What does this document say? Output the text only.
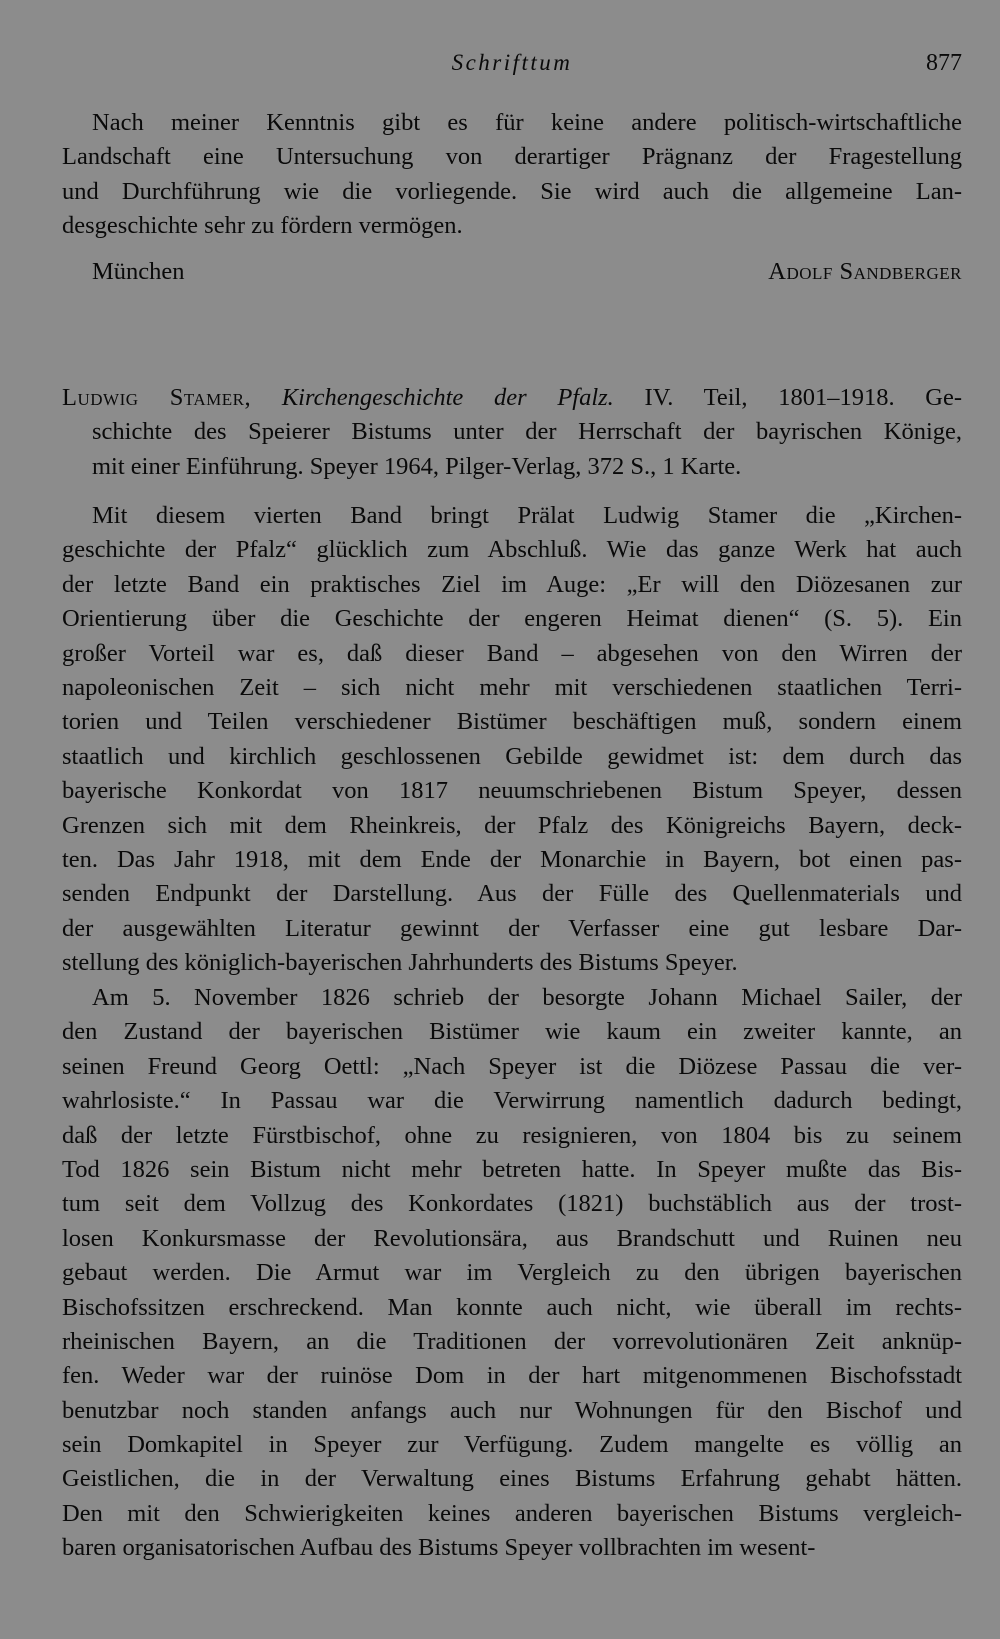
Schrifttum	877
Nach meiner Kenntnis gibt es für keine andere politisch-wirtschaftliche
Landschaft eine Untersuchung von derartiger Prägnanz der Fragestellung
und Durchführung wie die vorliegende. Sie wird auch die allgemeine Lan-
desgeschichte sehr zu fördern vermögen.
München	Adolf Sandberger
Ludwig Stamer, Kirchengeschichte der Pfalz. IV. Teil, 1801–1918. Ge-
schichte des Speierer Bistums unter der Herrschaft der bayrischen Könige,
mit einer Einführung. Speyer 1964, Pilger-Verlag, 372 S., 1 Karte.
Mit diesem vierten Band bringt Prälat Ludwig Stamer die „Kirchen-
geschichte der Pfalz“ glücklich zum Abschluß. Wie das ganze Werk hat auch
der letzte Band ein praktisches Ziel im Auge: „Er will den Diözesanen zur
Orientierung über die Geschichte der engeren Heimat dienen“ (S. 5). Ein
großer Vorteil war es, daß dieser Band – abgesehen von den Wirren der
napoleonischen Zeit – sich nicht mehr mit verschiedenen staatlichen Terri-
torien und Teilen verschiedener Bistümer beschäftigen muß, sondern einem
staatlich und kirchlich geschlossenen Gebilde gewidmet ist: dem durch das
bayerische Konkordat von 1817 neuumschriebenen Bistum Speyer, dessen
Grenzen sich mit dem Rheinkreis, der Pfalz des Königreichs Bayern, deck-
ten. Das Jahr 1918, mit dem Ende der Monarchie in Bayern, bot einen pas-
senden Endpunkt der Darstellung. Aus der Fülle des Quellenmaterials und
der ausgewählten Literatur gewinnt der Verfasser eine gut lesbare Dar-
stellung des königlich-bayerischen Jahrhunderts des Bistums Speyer.
Am 5. November 1826 schrieb der besorgte Johann Michael Sailer, der
den Zustand der bayerischen Bistümer wie kaum ein zweiter kannte, an
seinen Freund Georg Oettl: „Nach Speyer ist die Diözese Passau die ver-
wahrlosiste.“ In Passau war die Verwirrung namentlich dadurch bedingt,
daß der letzte Fürstbischof, ohne zu resignieren, von 1804 bis zu seinem
Tod 1826 sein Bistum nicht mehr betreten hatte. In Speyer mußte das Bis-
tum seit dem Vollzug des Konkordates (1821) buchstäblich aus der trost-
losen Konkursmasse der Revolutionsära, aus Brandschutt und Ruinen neu
gebaut werden. Die Armut war im Vergleich zu den übrigen bayerischen
Bischofssitzen erschreckend. Man konnte auch nicht, wie überall im rechts-
rheinischen Bayern, an die Traditionen der vorrevolutionären Zeit anknüp-
fen. Weder war der ruinöse Dom in der hart mitgenommenen Bischofsstadt
benutzbar noch standen anfangs auch nur Wohnungen für den Bischof und
sein Domkapitel in Speyer zur Verfügung. Zudem mangelte es völlig an
Geistlichen, die in der Verwaltung eines Bistums Erfahrung gehabt hätten.
Den mit den Schwierigkeiten keines anderen bayerischen Bistums vergleich-
baren organisatorischen Aufbau des Bistums Speyer vollbrachten im wesent-
